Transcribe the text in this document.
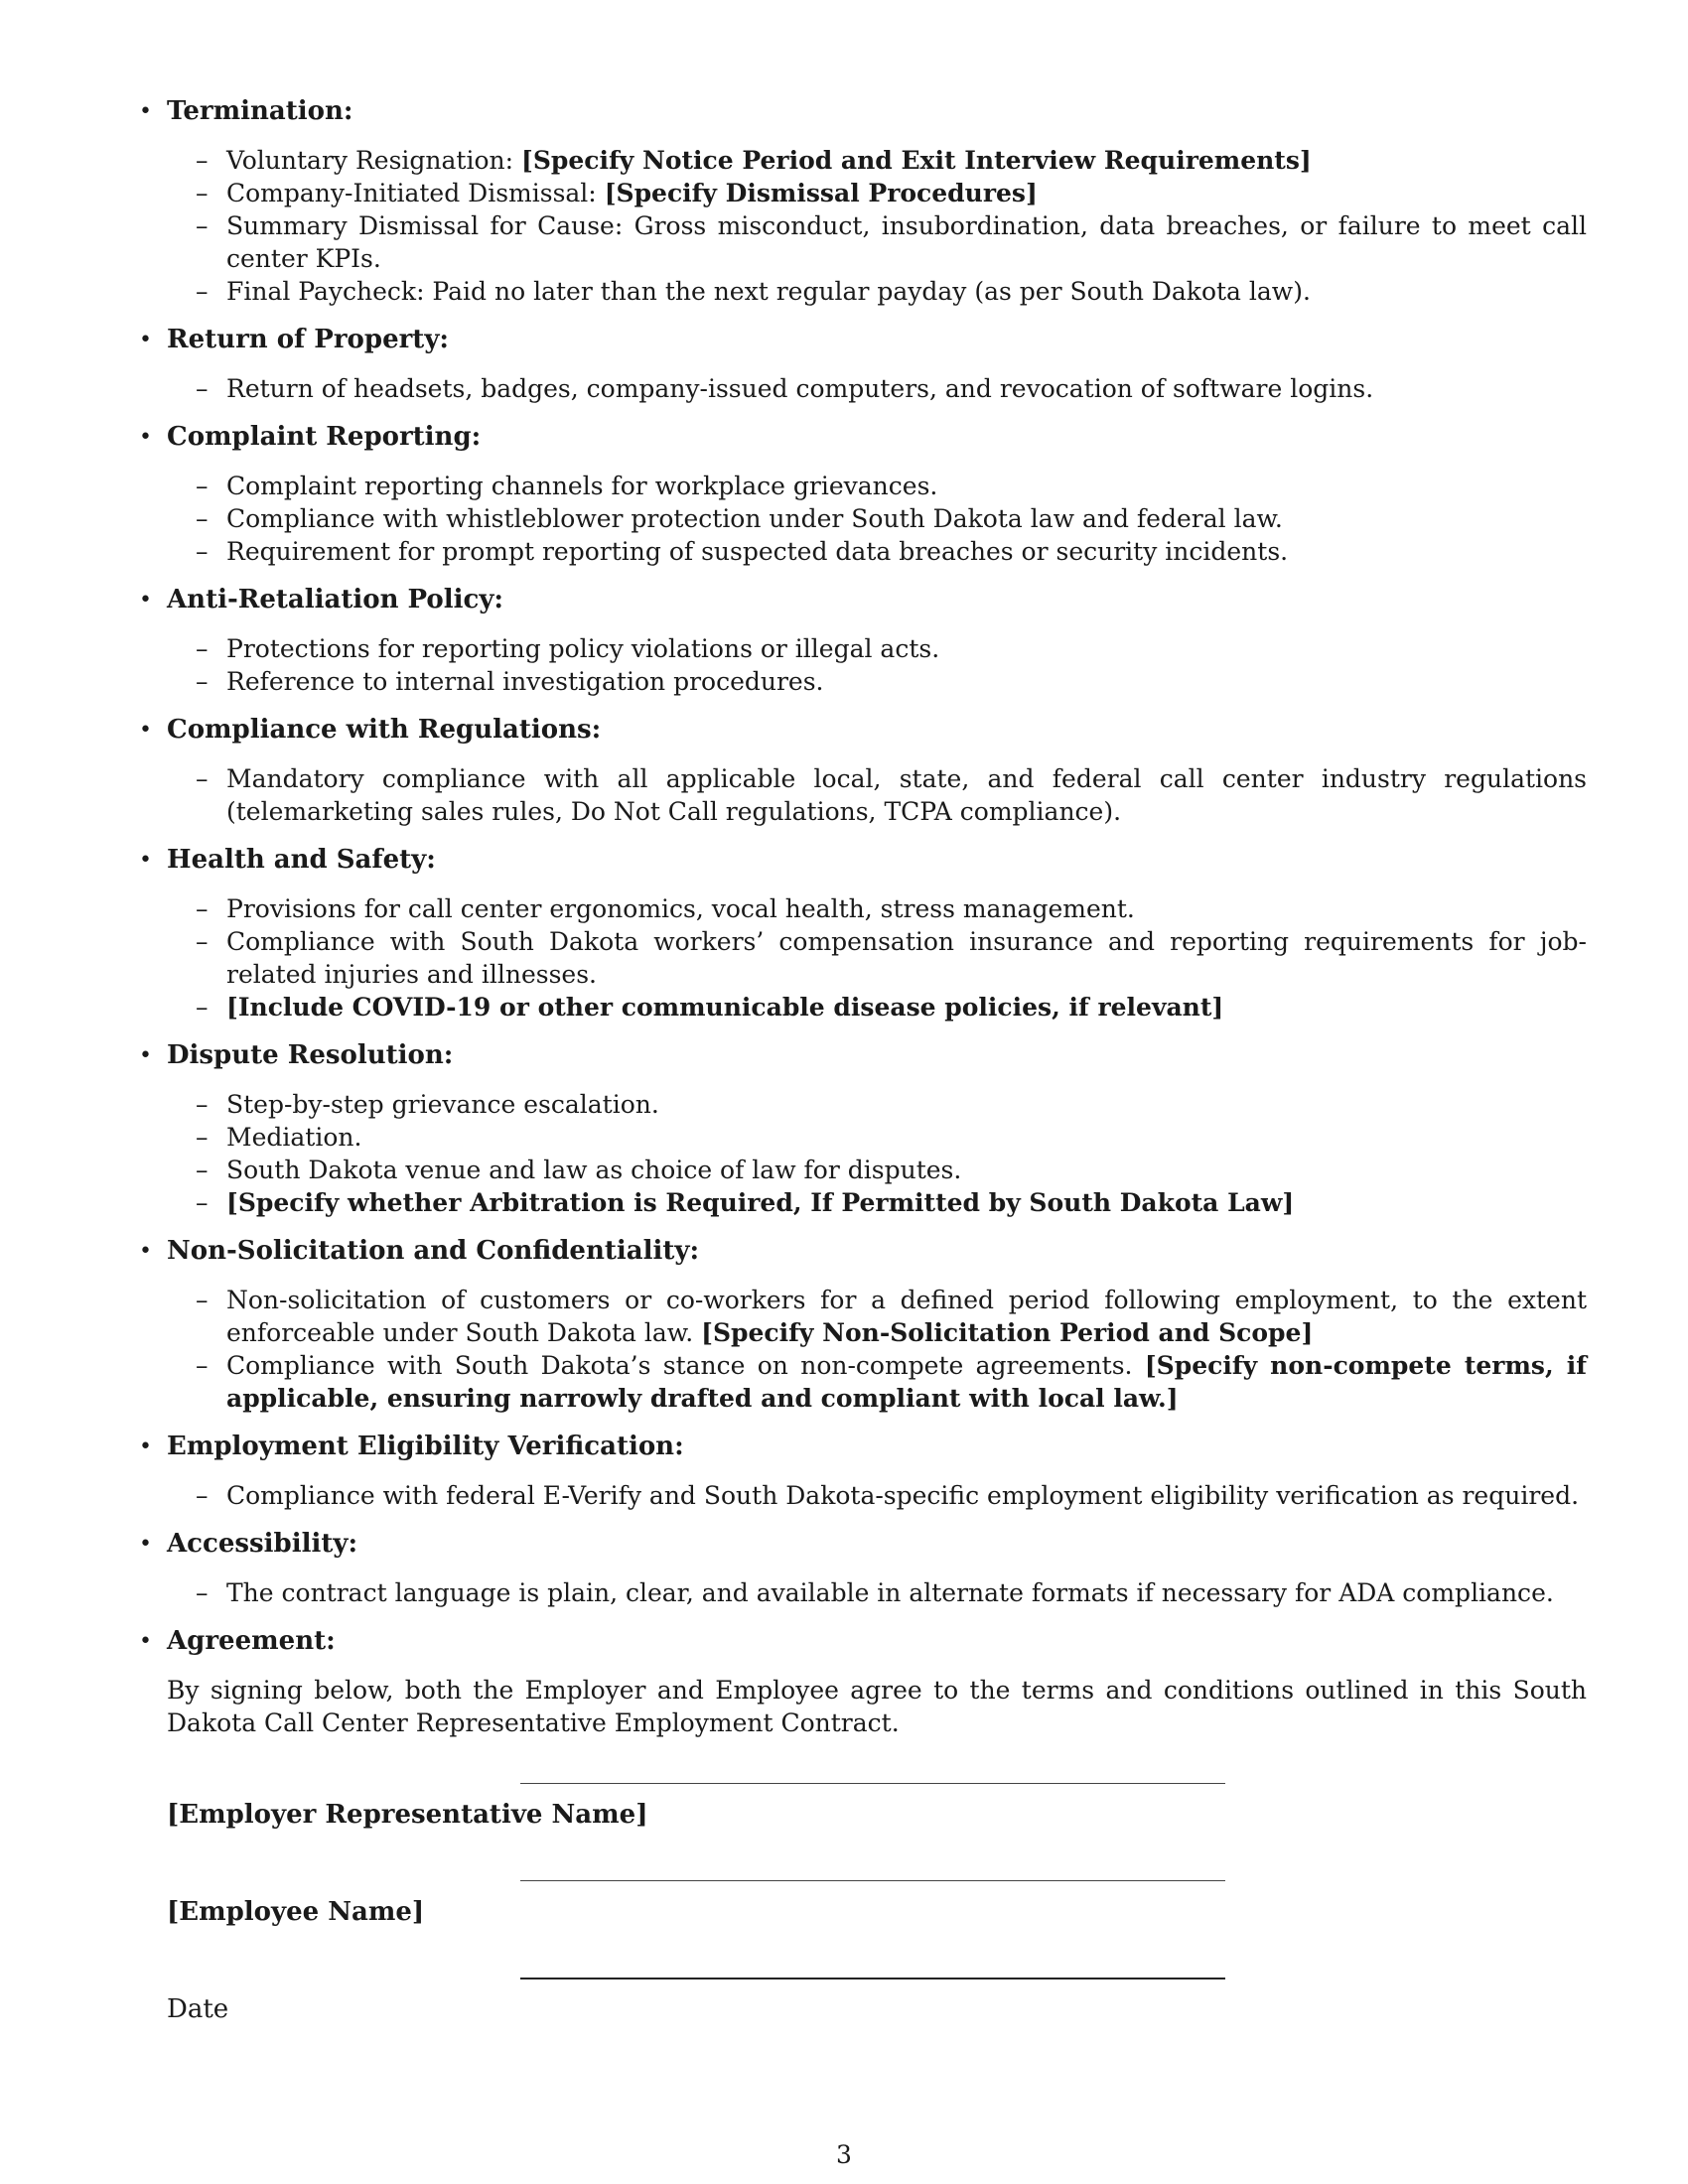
• Termination:
– Voluntary Resignation: [Specify Notice Period and Exit Interview Requirements]
– Company-Initiated Dismissal: [Specify Dismissal Procedures]
– Summary Dismissal for Cause: Gross misconduct, insubordination, data breaches, or failure to meet call center KPIs.
– Final Paycheck: Paid no later than the next regular payday (as per South Dakota law).
• Return of Property:
– Return of headsets, badges, company-issued computers, and revocation of software logins.
• Complaint Reporting:
– Complaint reporting channels for workplace grievances.
– Compliance with whistleblower protection under South Dakota law and federal law.
– Requirement for prompt reporting of suspected data breaches or security incidents.
• Anti-Retaliation Policy:
– Protections for reporting policy violations or illegal acts.
– Reference to internal investigation procedures.
• Compliance with Regulations:
– Mandatory compliance with all applicable local, state, and federal call center industry regulations (telemarketing sales rules, Do Not Call regulations, TCPA compliance).
• Health and Safety:
– Provisions for call center ergonomics, vocal health, stress management.
– Compliance with South Dakota workers’ compensation insurance and reporting requirements for job-related injuries and illnesses.
– [Include COVID-19 or other communicable disease policies, if relevant]
• Dispute Resolution:
– Step-by-step grievance escalation.
– Mediation.
– South Dakota venue and law as choice of law for disputes.
– [Specify whether Arbitration is Required, If Permitted by South Dakota Law]
• Non-Solicitation and Confidentiality:
– Non-solicitation of customers or co-workers for a defined period following employment, to the extent enforceable under South Dakota law. [Specify Non-Solicitation Period and Scope]
– Compliance with South Dakota’s stance on non-compete agreements. [Specify non-compete terms, if applicable, ensuring narrowly drafted and compliant with local law.]
• Employment Eligibility Verification:
– Compliance with federal E-Verify and South Dakota-specific employment eligibility verification as required.
• Accessibility:
– The contract language is plain, clear, and available in alternate formats if necessary for ADA compliance.
• Agreement:
By signing below, both the Employer and Employee agree to the terms and conditions outlined in this South Dakota Call Center Representative Employment Contract.
[Employer Representative Name]
[Employee Name]
Date
3
